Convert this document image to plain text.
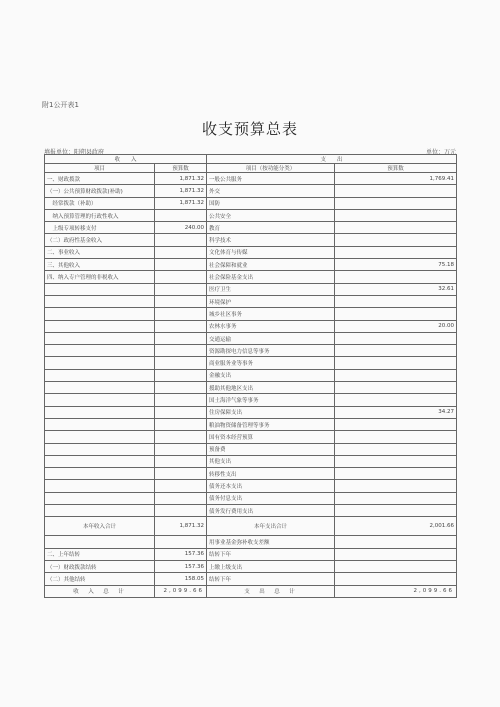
附1公开表1
收支预算总表
填报单位：阳朔县政府	单位：万元
收　　入		支　　出	
项目	预算数	项目（按功能分类）	预算数
一、财政拨款	1,871.32	一般公共服务	1,769.41
（一）公共预算财政拨款(补助)	1,871.32	外交	
　经常拨款（补助）	1,871.32	国防	
　纳入预算管理的行政性收入		公共安全	
　上级专项转移支付	240.00	教育	
（二）政府性基金收入		科学技术	
二、事业收入		文化体育与传媒	
三、其他收入		社会保障和就业	75.18
四、纳入专户管理的非税收入		社会保险基金支出	
		医疗卫生	32.61
		环境保护	
		城乡社区事务	
		农林水事务	20.00
		交通运输	
		资源勘探电力信息等事务	
		商业服务业等事务	
		金融支出	
		援助其他地区支出	
		国土海洋气象等事务	
		住房保障支出	34.27
		粮油物资储备管理等事务	
		国有资本经营预算	
		预备费	
		其他支出	
		转移性支出	
		债务还本支出	
		债务付息支出	
		债务发行费用支出	
本年收入合计	1,871.32	本年支出合计	2,001.66
		用事业基金弥补收支差额	
二、上年结转	157.36	结转下年	
（一）财政拨款结转	157.36	上缴上级支出	
（二）其他结转	158.05	结转下年	
收　入　总　计	2,099.66	支　出　总　计	2,099.66
